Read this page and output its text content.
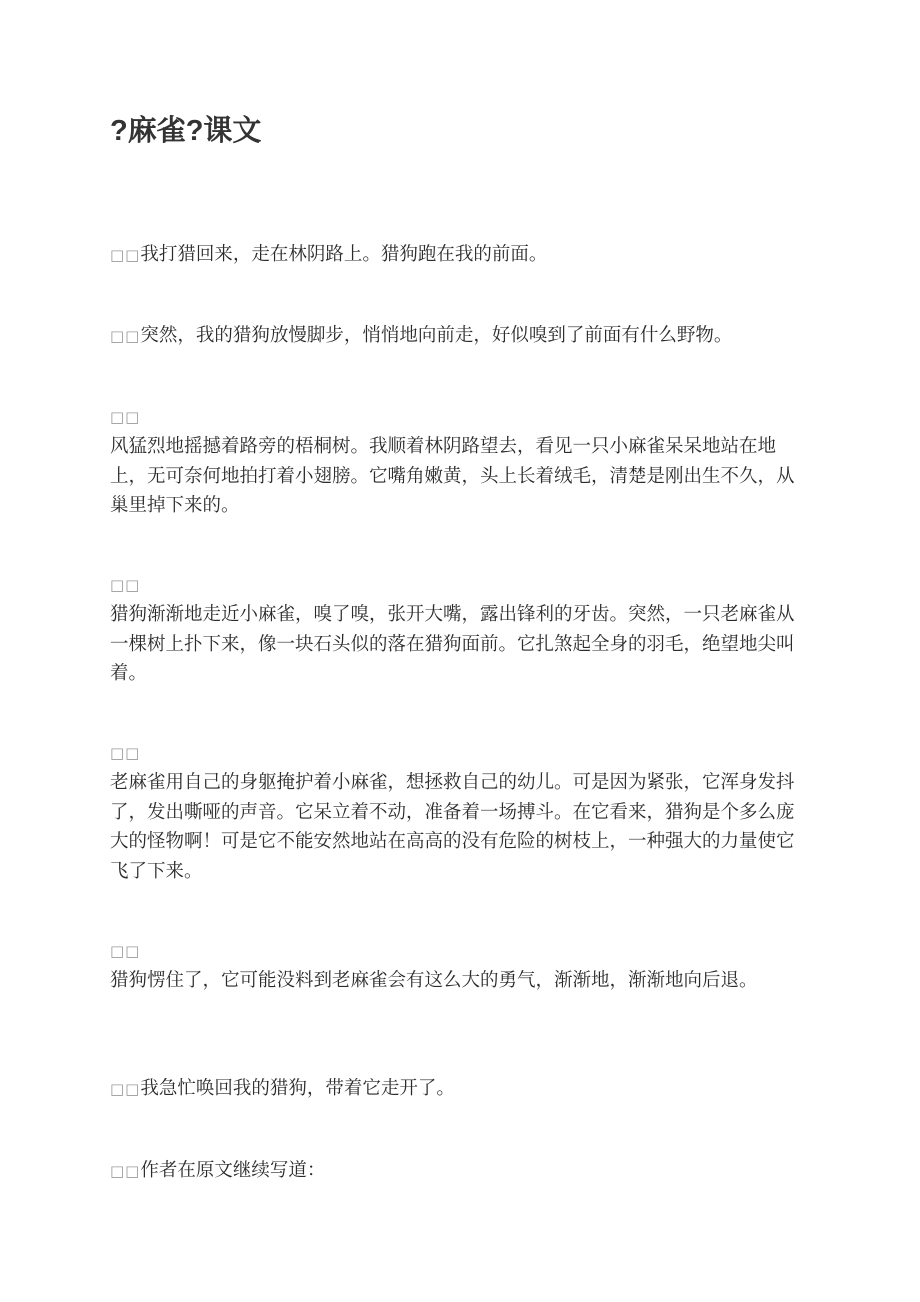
?麻雀?课文
□□我打猎回来，走在林阴路上。猎狗跑在我的前面。
□□突然，我的猎狗放慢脚步，悄悄地向前走，好似嗅到了前面有什么野物。
□□
风猛烈地摇撼着路旁的梧桐树。我顺着林阴路望去，看见一只小麻雀呆呆地站在地上，无可奈何地拍打着小翅膀。它嘴角嫩黄，头上长着绒毛，清楚是刚出生不久，从巢里掉下来的。
□□
猎狗渐渐地走近小麻雀，嗅了嗅，张开大嘴，露出锋利的牙齿。突然，一只老麻雀从一棵树上扑下来，像一块石头似的落在猎狗面前。它扎煞起全身的羽毛，绝望地尖叫着。
□□
老麻雀用自己的身躯掩护着小麻雀，想拯救自己的幼儿。可是因为紧张，它浑身发抖了，发出嘶哑的声音。它呆立着不动，准备着一场搏斗。在它看来，猎狗是个多么庞大的怪物啊！可是它不能安然地站在高高的没有危险的树枝上，一种强大的力量使它飞了下来。
□□
猎狗愣住了，它可能没料到老麻雀会有这么大的勇气，渐渐地，渐渐地向后退。
□□我急忙唤回我的猎狗，带着它走开了。
□□作者在原文继续写道：
